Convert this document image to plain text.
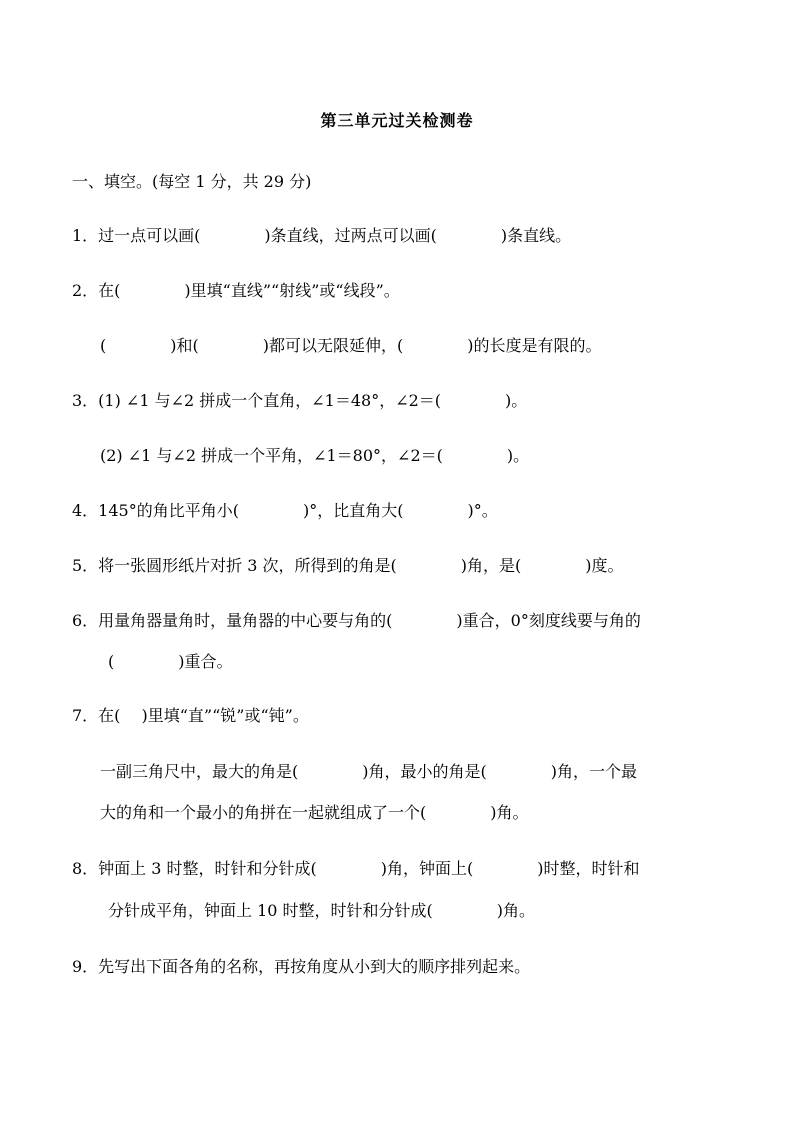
第三单元过关检测卷
一、填空。(每空 1 分，共 29 分)
1．过一点可以画(　　　　)条直线，过两点可以画(　　　　)条直线。
2．在(　　　　)里填“直线”“射线”或“线段”。
(　　　　)和(　　　　)都可以无限延伸，(　　　　)的长度是有限的。
3．(1) ∠1 与∠2 拼成一个直角，∠1＝48°，∠2＝(　　　　)。
(2) ∠1 与∠2 拼成一个平角，∠1＝80°，∠2＝(　　　　)。
4．145°的角比平角小(　　　　)°，比直角大(　　　　)°。
5．将一张圆形纸片对折 3 次，所得到的角是(　　　　)角，是(　　　　)度。
6．用量角器量角时，量角器的中心要与角的(　　　　)重合，0°刻度线要与角的
(　　　　)重合。
7．在(　 )里填“直”“锐”或“钝”。
一副三角尺中，最大的角是(　　　　)角，最小的角是(　　　　)角，一个最
大的角和一个最小的角拼在一起就组成了一个(　　　　)角。
8．钟面上 3 时整，时针和分针成(　　　　)角，钟面上(　　　　)时整，时针和
分针成平角，钟面上 10 时整，时针和分针成(　　　　)角。
9．先写出下面各角的名称，再按角度从小到大的顺序排列起来。
